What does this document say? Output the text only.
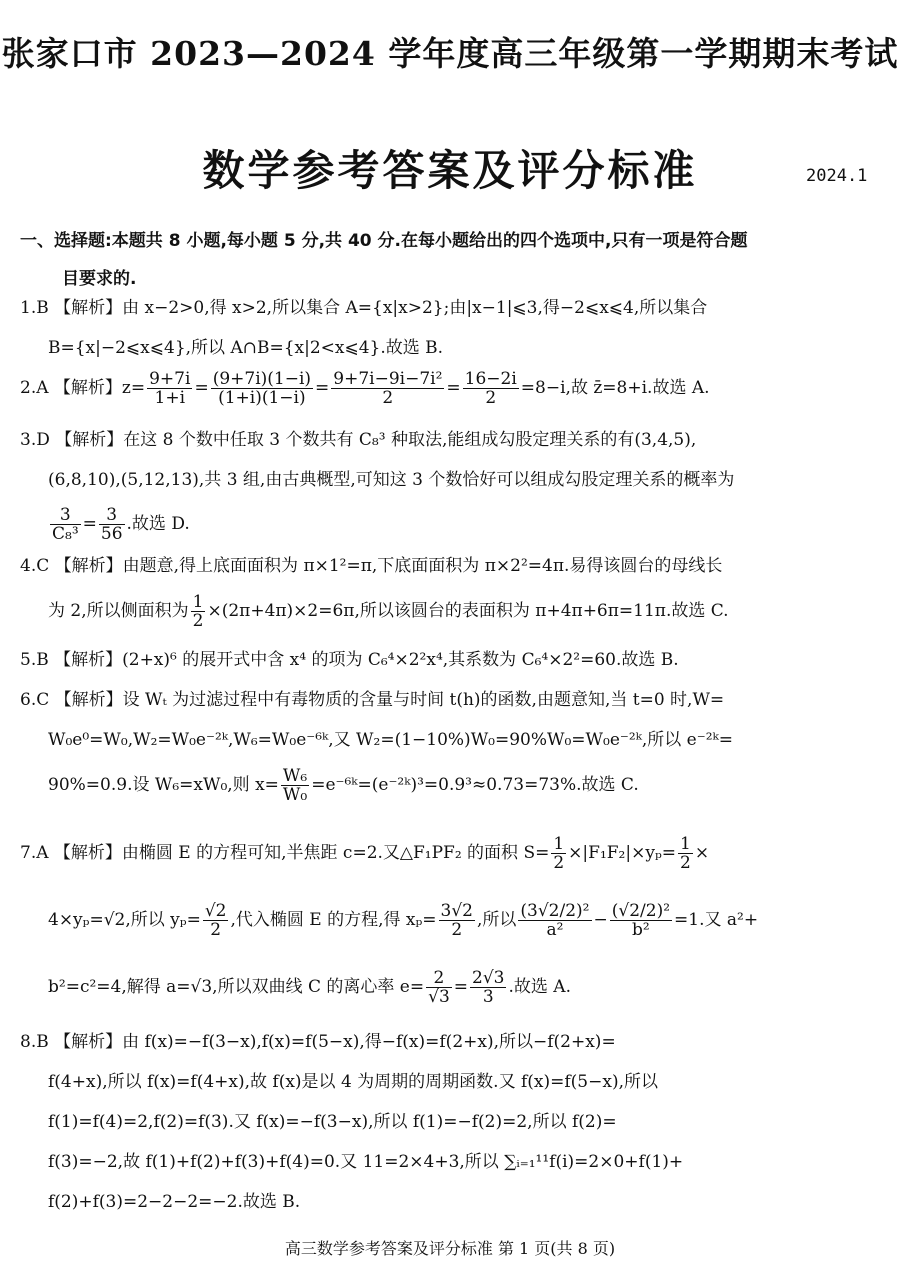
张家口市 2023—2024 学年度高三年级第一学期期末考试
数学参考答案及评分标准	2024.1
一、选择题:本题共 8 小题,每小题 5 分,共 40 分.在每小题给出的四个选项中,只有一项是符合题
目要求的.

1.B 【解析】由 x−2>0,得 x>2,所以集合 A={x|x>2};由|x−1|⩽3,得−2⩽x⩽4,所以集合

B={x|−2⩽x⩽4},所以 A∩B={x|2<x⩽4}.故选 B.

2.A 【解析】$z= \frac{9+7i}{1+i} = \frac{(9+7i)(1-i)}{(1+i)(1-i)} = \frac{\text{9+7i−9i−7i²}}{2} = \frac{16-2i}{2} =8-i$,故 z̄=8+i.故选 A.

3.D 【解析】在这 8 个数中任取 3 个数共有 C₈³ 种取法,能组成勾股定理关系的有(3,4,5),

(6,8,10),(5,12,13),共 3 组,由古典概型,可知这 3 个数恰好可以组成勾股定理关系的概率为

$\frac{3}{\text{C₈³}} = \frac{3}{56}$ .故选 D.

4.C 【解析】由题意,得上底面面积为 π×1²=π,下底面面积为 π×2²=4π.易得该圆台的母线长

为 2,所以侧面积为 $\frac{1}{2} \times(2\pi+4\pi)\times 2=6\pi$,所以该圆台的表面积为 π+4π+6π=11π.故选 C.

5.B 【解析】(2+x)⁶ 的展开式中含 x⁴ 的项为 C₆⁴×2²x⁴,其系数为 C₆⁴×2²=60.故选 B.

6.C 【解析】设 Wₜ 为过滤过程中有毒物质的含量与时间 t(h)的函数,由题意知,当 t=0 时,W=

W₀e⁰=W₀,W₂=W₀e⁻²ᵏ,W₆=W₀e⁻⁶ᵏ,又 W₂=(1−10%)W₀=90%W₀=W₀e⁻²ᵏ,所以 e⁻²ᵏ=

90%=0.9.设 W₆=xW₀,则 $x= \frac{\text{W₆}}{\text{W₀}}$ =e⁻⁶ᵏ=(e⁻²ᵏ)³=0.9³≈0.73=73%.故选 C.

7.A 【解析】由椭圆 E 的方程可知,半焦距 c=2.又△F₁PF₂ 的面积 $S= \frac{1}{2} \times|F_1F_2|\times y_p= \frac{1}{2}$ ×

4×yₚ=√2,所以 $y_p= \frac{√2}{2}$ ,代入椭圆 E 的方程,得 $x_p= \frac{3√2}{2}$ ,所以 $\frac{\text{(3√2/2)²}}{\text{a²}} - \frac{\text{(√2/2)²}}{\text{b²}} =1$.又 a²+

b²=c²=4,解得 a=√3,所以双曲线 C 的离心率 $e= \frac{2}{√3} = \frac{2√3}{3}$ .故选 A.

8.B 【解析】由 f(x)=−f(3−x),f(x)=f(5−x),得−f(x)=f(2+x),所以−f(2+x)=

f(4+x),所以 f(x)=f(4+x),故 f(x)是以 4 为周期的周期函数.又 f(x)=f(5−x),所以

f(1)=f(4)=2,f(2)=f(3).又 f(x)=−f(3−x),所以 f(1)=−f(2)=2,所以 f(2)=

f(3)=−2,故 f(1)+f(2)+f(3)+f(4)=0.又 11=2×4+3,所以 ∑ᵢ₌₁¹¹f(i)=2×0+f(1)+

f(2)+f(3)=2−2−2=−2.故选 B.

高三数学参考答案及评分标准 第 1 页(共 8 页)
